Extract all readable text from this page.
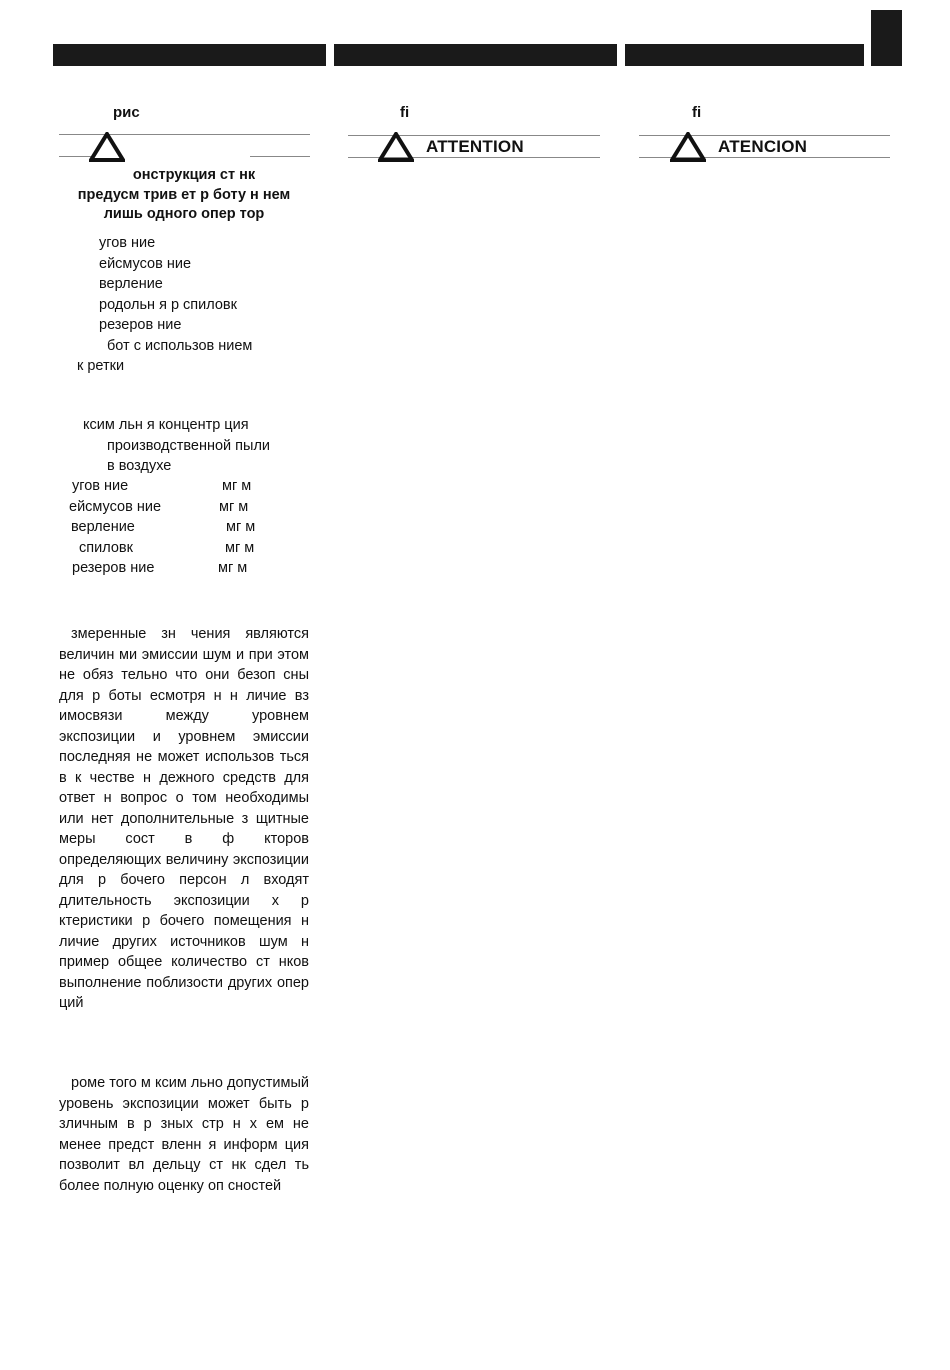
рис	fi	fi
ATTENTION	ATENCION
онструкция ст нк
предусм трив ет р боту н нем
лишь одного опер тор
угов ние
ейсмусов ние
верление
родольн я р спиловк
резеров ние
бот с использов нием
к ретки
ксим льн я концентр ция
производственной пыли
в воздухе
угов ние	мг м
ейсмусов ние	мг м
верление	мг м
спиловк	мг м
резеров ние	мг м
змеренные зн чения являются величин ми эмиссии шум и при этом не обяз тельно что они безоп сны для р боты есмотря н н личие вз имосвязи между уровнем экспозиции и уровнем эмиссии последняя не может использов ться в к честве н дежного средств для ответ н вопрос о том необходимы или нет дополнительные з щитные меры сост в ф кторов определяющих величину экспозиции для р бочего персон л входят длительность экспозиции х р ктеристики р бочего помещения н личие других источников шум н пример общее количество ст нков выполнение поблизости других опер ций
роме того м ксим льно допустимый уровень экспозиции может быть р зличным в р зных стр н х ем не менее предст вленн я информ ция позволит вл дельцу ст нк сдел ть более полную оценку оп сностей
